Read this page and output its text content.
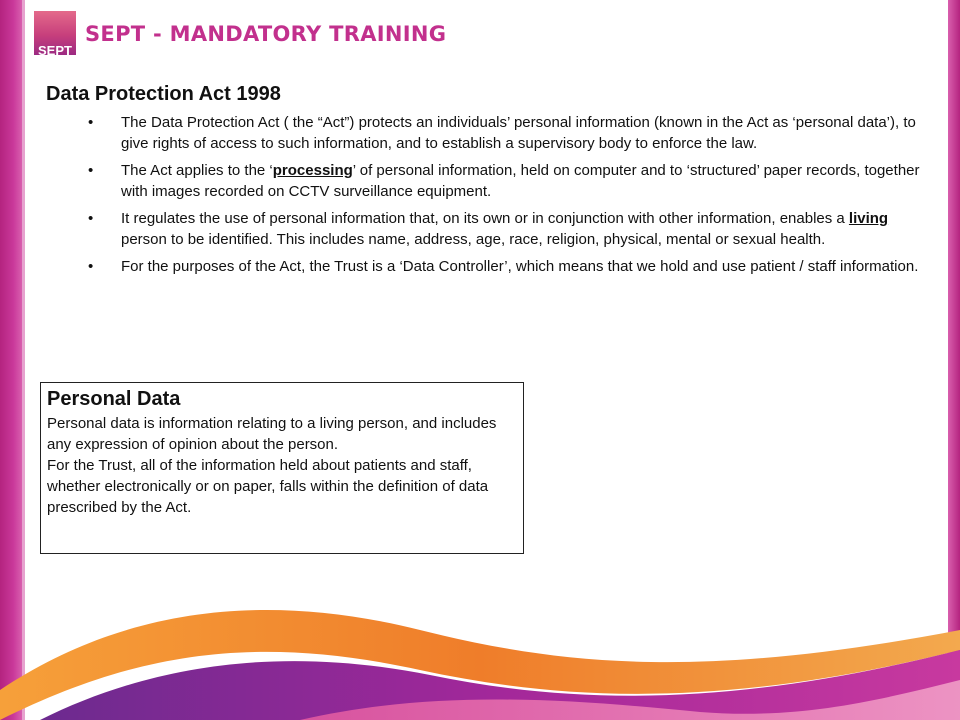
SEPT
SEPT - MANDATORY TRAINING
Data Protection Act 1998
• The Data Protection Act ( the “Act”) protects an individuals’ personal information (known in the Act as ‘personal data’), to give rights of access to such information, and to establish a supervisory body to enforce the law.
• The Act applies to the ‘processing’ of personal information, held on computer and to ‘structured’ paper records, together with images recorded on CCTV surveillance equipment.
• It regulates the use of personal information that, on its own or in conjunction with other information, enables a living person to be identified. This includes name, address, age, race, religion, physical, mental or sexual health.
• For the purposes of the Act, the Trust is a ‘Data Controller’, which means that we hold and use patient / staff information.

Personal Data

Personal data is information relating to a living person, and includes any expression of opinion about the person.

For the Trust, all of the information held about patients and staff, whether electronically or on paper, falls within the definition of data prescribed by the Act.
